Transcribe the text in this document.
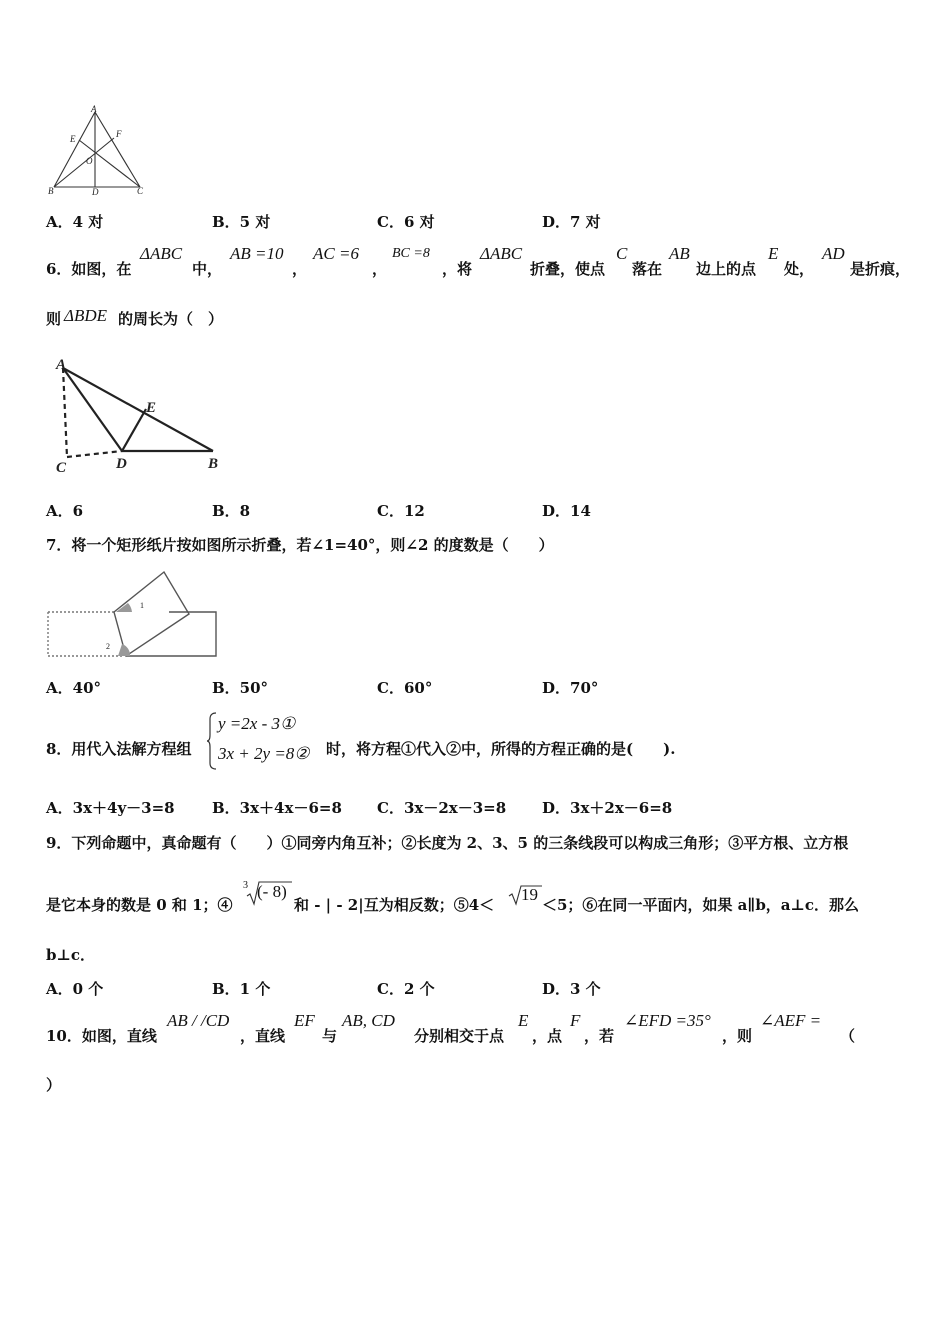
A
E	F
O
B	D	C
A．4 对	B．5 对	C．6 对	D．7 对
6．如图，在
ΔABC
中，
AB =10
，
AC =6
，
BC =8
，将
ΔABC
折叠，使点
C
落在
AB
边上的点
E
处，
AD
是折痕，
则 ΔBDE 的周长为（　）
A
E
C	D	B
A．6	B．8	C．12	D．14
7．将一个矩形纸片按如图所示折叠，若∠1=40°，则∠2 的度数是（　　）
1
2
A．40°	B．50°	C．60°	D．70°
8．用代入法解方程组
y =2x - 3①
3x + 2y =8② 时，将方程①代入②中，所得的方程正确的是(　　).
A．3x＋4y－3=8 B．3x＋4x－6=8 C．3x－2x－3=8 D．3x＋2x－6=8
9．下列命题中，真命题有（　　）①同旁内角互补；②长度为 2、3、5 的三条线段可以构成三角形；③平方根、立方根
是它本身的数是 0 和 1；④
3 (- 8)
和 - | - 2|互为相反数；⑤4＜
19
＜5；⑥在同一平面内，如果 a∥b，a⊥c．那么
b⊥c．
A．0 个	B．1 个	C．2 个	D．3 个
10．如图，直线
AB / /CD
，直线
EF
与
AB, CD
分别相交于点
E
，点
F
，若
∠EFD =35°
，则
∠AEF =
（
）
